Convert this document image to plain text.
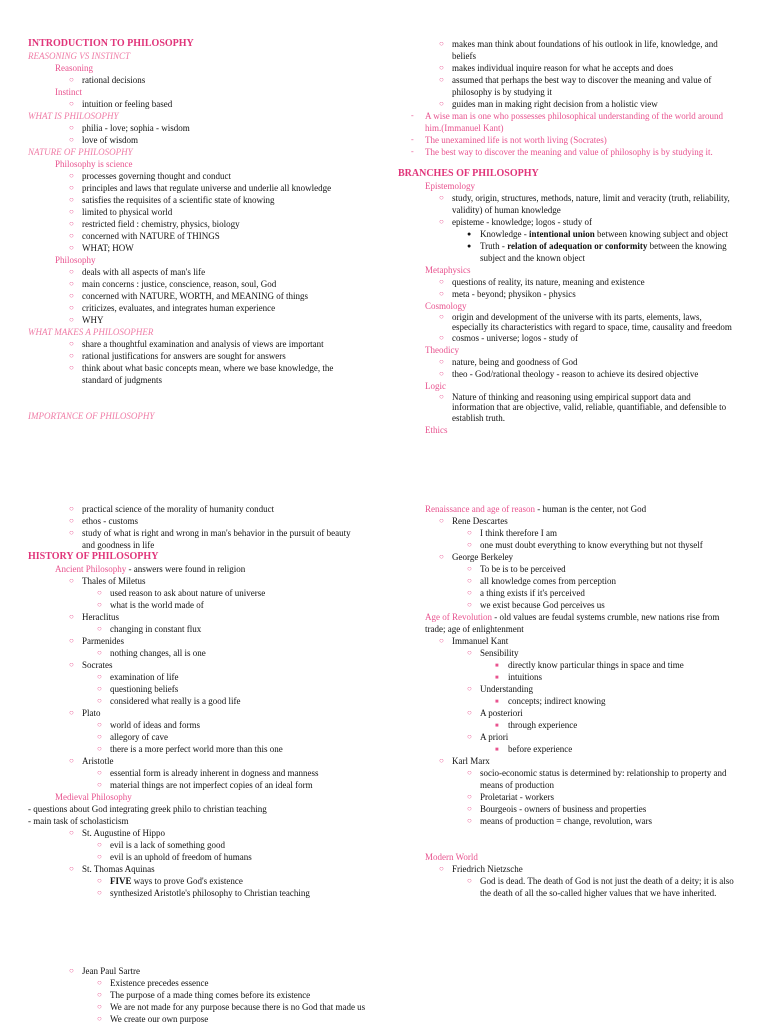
INTRODUCTION TO PHILOSOPHY
REASONING VS INSTINCT
Reasoning
○
rational decisions
Instinct
○
intuition or feeling based
WHAT IS PHILOSOPHY
○
philia - love; sophia - wisdom
○
love of wisdom
NATURE OF PHILOSOPHY
Philosophy is science
○
processes governing thought and conduct
○
principles and laws that regulate universe and underlie all knowledge
○
satisfies the requisites of a scientific state of knowing
○
limited to physical world
○
restricted field : chemistry, physics, biology
○
concerned with NATURE of THINGS
○
WHAT; HOW
Philosophy
○
deals with all aspects of man's life
○
main concerns : justice, conscience, reason, soul, God
○
concerned with NATURE, WORTH, and MEANING of things
○
criticizes, evaluates, and integrates human experience
○
WHY
WHAT MAKES A PHILOSOPHER
○
share a thoughtful examination and analysis of views are important
○
rational justifications for answers are sought for answers
○
think about what basic concepts mean, where we base knowledge, the
standard of judgments
IMPORTANCE OF PHILOSOPHY
○
makes man think about foundations of his outlook in life, knowledge, and
beliefs
○
makes individual inquire reason for what he accepts and does
○
assumed that perhaps the best way to discover the meaning and value of
philosophy is by studying it
○
guides man in making right decision from a holistic view
-
A wise man is one who possesses philosophical understanding of the world around
him.(Immanuel Kant)
-
The unexamined life is not worth living (Socrates)
-
The best way to discover the meaning and value of philosophy is by studying it.
BRANCHES OF PHILOSOPHY
Epistemology
○
study, origin, structures, methods, nature, limit and veracity (truth, reliability,
validity) of human knowledge
○
episteme - knowledge; logos - study of
●
Knowledge - intentional union between knowing subject and object
●
Truth - relation of adequation or conformity between the knowing
subject and the known object
Metaphysics
○
questions of reality, its nature, meaning and existence
○
meta - beyond; physikon - physics
Cosmology
○
origin and development of the universe with its parts, elements, laws,
especially its characteristics with regard to space, time, causality and freedom
○
cosmos - universe; logos - study of
Theodicy
○
nature, being and goodness of God
○
theo - God/rational theology - reason to achieve its desired objective
Logic
○
Nature of thinking and reasoning using empirical support data and
information that are objective, valid, reliable, quantifiable, and defensible to
establish truth.
Ethics
○
practical science of the morality of humanity conduct
○
ethos - customs
○
study of what is right and wrong in man's behavior in the pursuit of beauty
and goodness in life
HISTORY OF PHILOSOPHY
Ancient Philosophy - answers were found in religion
○
Thales of Miletus
○
used reason to ask about nature of universe
○
what is the world made of
○
Heraclitus
○
changing in constant flux
○
Parmenides
○
nothing changes, all is one
○
Socrates
○
examination of life
○
questioning beliefs
○
considered what really is a good life
○
Plato
○
world of ideas and forms
○
allegory of cave
○
there is a more perfect world more than this one
○
Aristotle
○
essential form is already inherent in dogness and manness
○
material things are not imperfect copies of an ideal form
Medieval Philosophy
- questions about God integrating greek philo to christian teaching
- main task of scholasticism
○
St. Augustine of Hippo
○
evil is a lack of something good
○
evil is an uphold of freedom of humans
○
St. Thomas Aquinas
○
FIVE ways to prove God's existence
○
synthesized Aristotle's philosophy to Christian teaching
○
Jean Paul Sartre
○
Existence precedes essence
○
The purpose of a made thing comes before its existence
○
We are not made for any purpose because there is no God that made us
○
We create our own purpose
Renaissance and age of reason - human is the center, not God
○
Rene Descartes
○
I think therefore I am
○
one must doubt everything to know everything but not thyself
○
George Berkeley
○
To be is to be perceived
○
all knowledge comes from perception
○
a thing exists if it's perceived
○
we exist because God perceives us
Age of Revolution - old values are feudal systems crumble, new nations rise from
trade; age of enlightenment
○
Immanuel Kant
○
Sensibility
■
directly know particular things in space and time
■
intuitions
○
Understanding
■
concepts; indirect knowing
○
A posteriori
■
through experience
○
A priori
■
before experience
○
Karl Marx
○
socio-economic status is determined by: relationship to property and
means of production
○
Proletariat - workers
○
Bourgeois - owners of business and properties
○
means of production = change, revolution, wars
Modern World
○
Friedrich Nietzsche
○
God is dead. The death of God is not just the death of a deity; it is also
the death of all the so-called higher values that we have inherited.
